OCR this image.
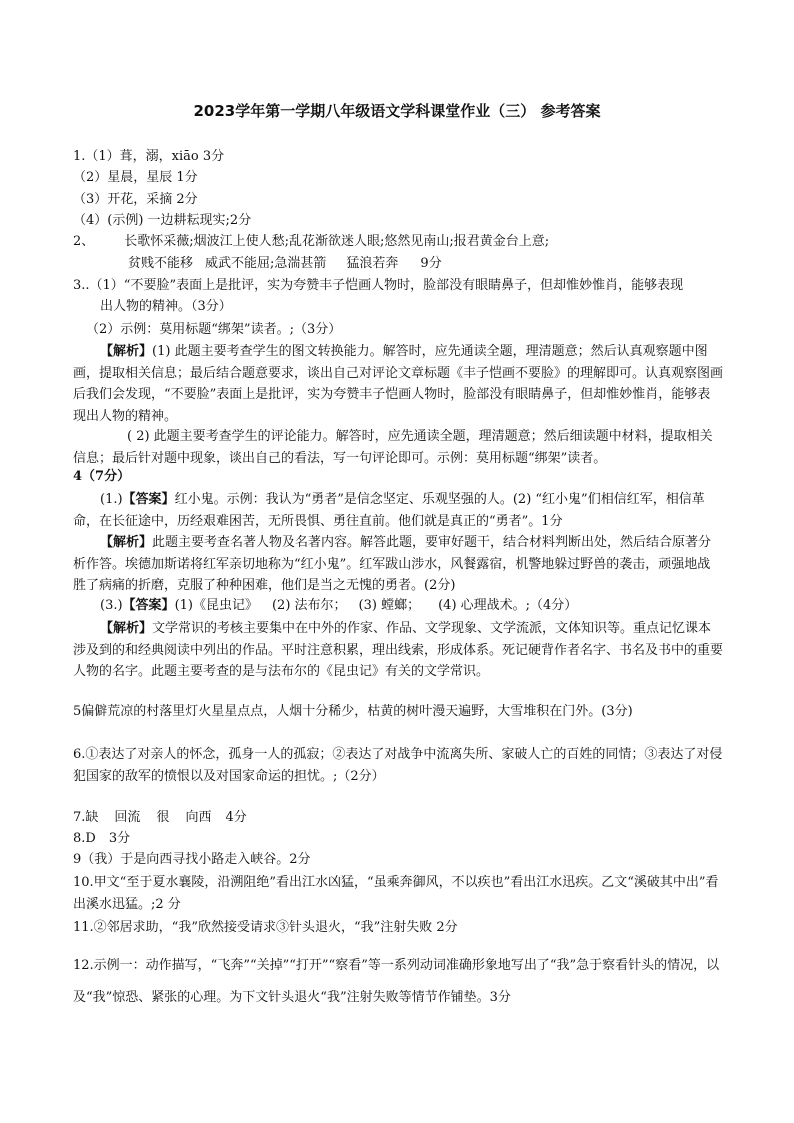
2023学年第一学期八年级语文学科课堂作业（三） 参考答案
1.（1）葺，溺，xiāo 3分
（2）星晨，星辰 1分
（3）开花，采摘 2分
（4）(示例) 一边耕耘现实;2分
2、 长歌怀采薇;烟波江上使人愁;乱花渐欲迷人眼;悠然见南山;报君黄金台上意;
贫贱不能移 威武不能屈;急湍甚箭 猛浪若奔 9分
3..（1）“不要脸”表面上是批评，实为夸赞丰子恺画人物时，脸部没有眼睛鼻子，但却惟妙惟肖，能够表现
出人物的精神。（3分）
（2）示例：莫用标题“绑架”读者。;（3分）
【解析】(1) 此题主要考查学生的图文转换能力。解答时，应先通读全题，理清题意；然后认真观察题中图画，提取相关信息；最后结合题意要求，谈出自己对评论文章标题《丰子恺画不要脸》的理解即可。认真观察图画后我们会发现，“不要脸”表面上是批评，实为夸赞丰子恺画人物时，脸部没有眼睛鼻子，但却惟妙惟肖，能够表现出人物的精神。
( 2) 此题主要考查学生的评论能力。解答时，应先通读全题，理清题意；然后细读题中材料，提取相关信息；最后针对题中现象，谈出自己的看法，写一句评论即可。示例：莫用标题“绑架”读者。
4（7分）
(1.)【答案】红小鬼。示例：我认为“勇者”是信念坚定、乐观坚强的人。(2) “红小鬼”们相信红军，相信革命，在长征途中，历经艰难困苦，无所畏惧、勇往直前。他们就是真正的“勇者”。1分
【解析】此题主要考查名著人物及名著内容。解答此题，要审好题干，结合材料判断出处，然后结合原著分析作答。埃德加斯诺将红军亲切地称为“红小鬼”。红军跋山涉水，风餐露宿，机警地躲过野兽的袭击，顽强地战胜了病痛的折磨，克服了种种困难，他们是当之无愧的勇者。(2分)
(3.)【答案】(1)《昆虫记》 (2) 法布尔； (3) 螳螂； (4) 心理战术。;（4分）
【解析】文学常识的考核主要集中在中外的作家、作品、文学现象、文学流派，文体知识等。重点记忆课本涉及到的和经典阅读中列出的作品。平时注意积累，理出线索，形成体系。死记硬背作者名字、书名及书中的重要人物的名字。此题主要考查的是与法布尔的《昆虫记》有关的文学常识。
5偏僻荒凉的村落里灯火星星点点，人烟十分稀少，枯黄的树叶漫天遍野，大雪堆积在门外。(3分)
6.①表达了对亲人的怀念，孤身一人的孤寂；②表达了对战争中流离失所、家破人亡的百姓的同情；③表达了对侵犯国家的敌军的愤恨以及对国家命运的担忧。;（2分）
7.缺 回流 很 向西 4分
8.D　3分
9（我）于是向西寻找小路走入峡谷。2分
10.甲文“至于夏水襄陵，沿溯阻绝”看出江水凶猛，“虽乘奔御风，不以疾也”看出江水迅疾。乙文“溪破其中出”看出溪水迅猛。;2 分
11.②邻居求助，“我”欣然接受请求③针头退火，“我”注射失败 2分
12.示例一：动作描写，“飞奔”“关掉”“打开”“察看”等一系列动词准确形象地写出了“我”急于察看针头的情况，以及“我”惊恐、紧张的心理。为下文针头退火“我”注射失败等情节作铺垫。3分
